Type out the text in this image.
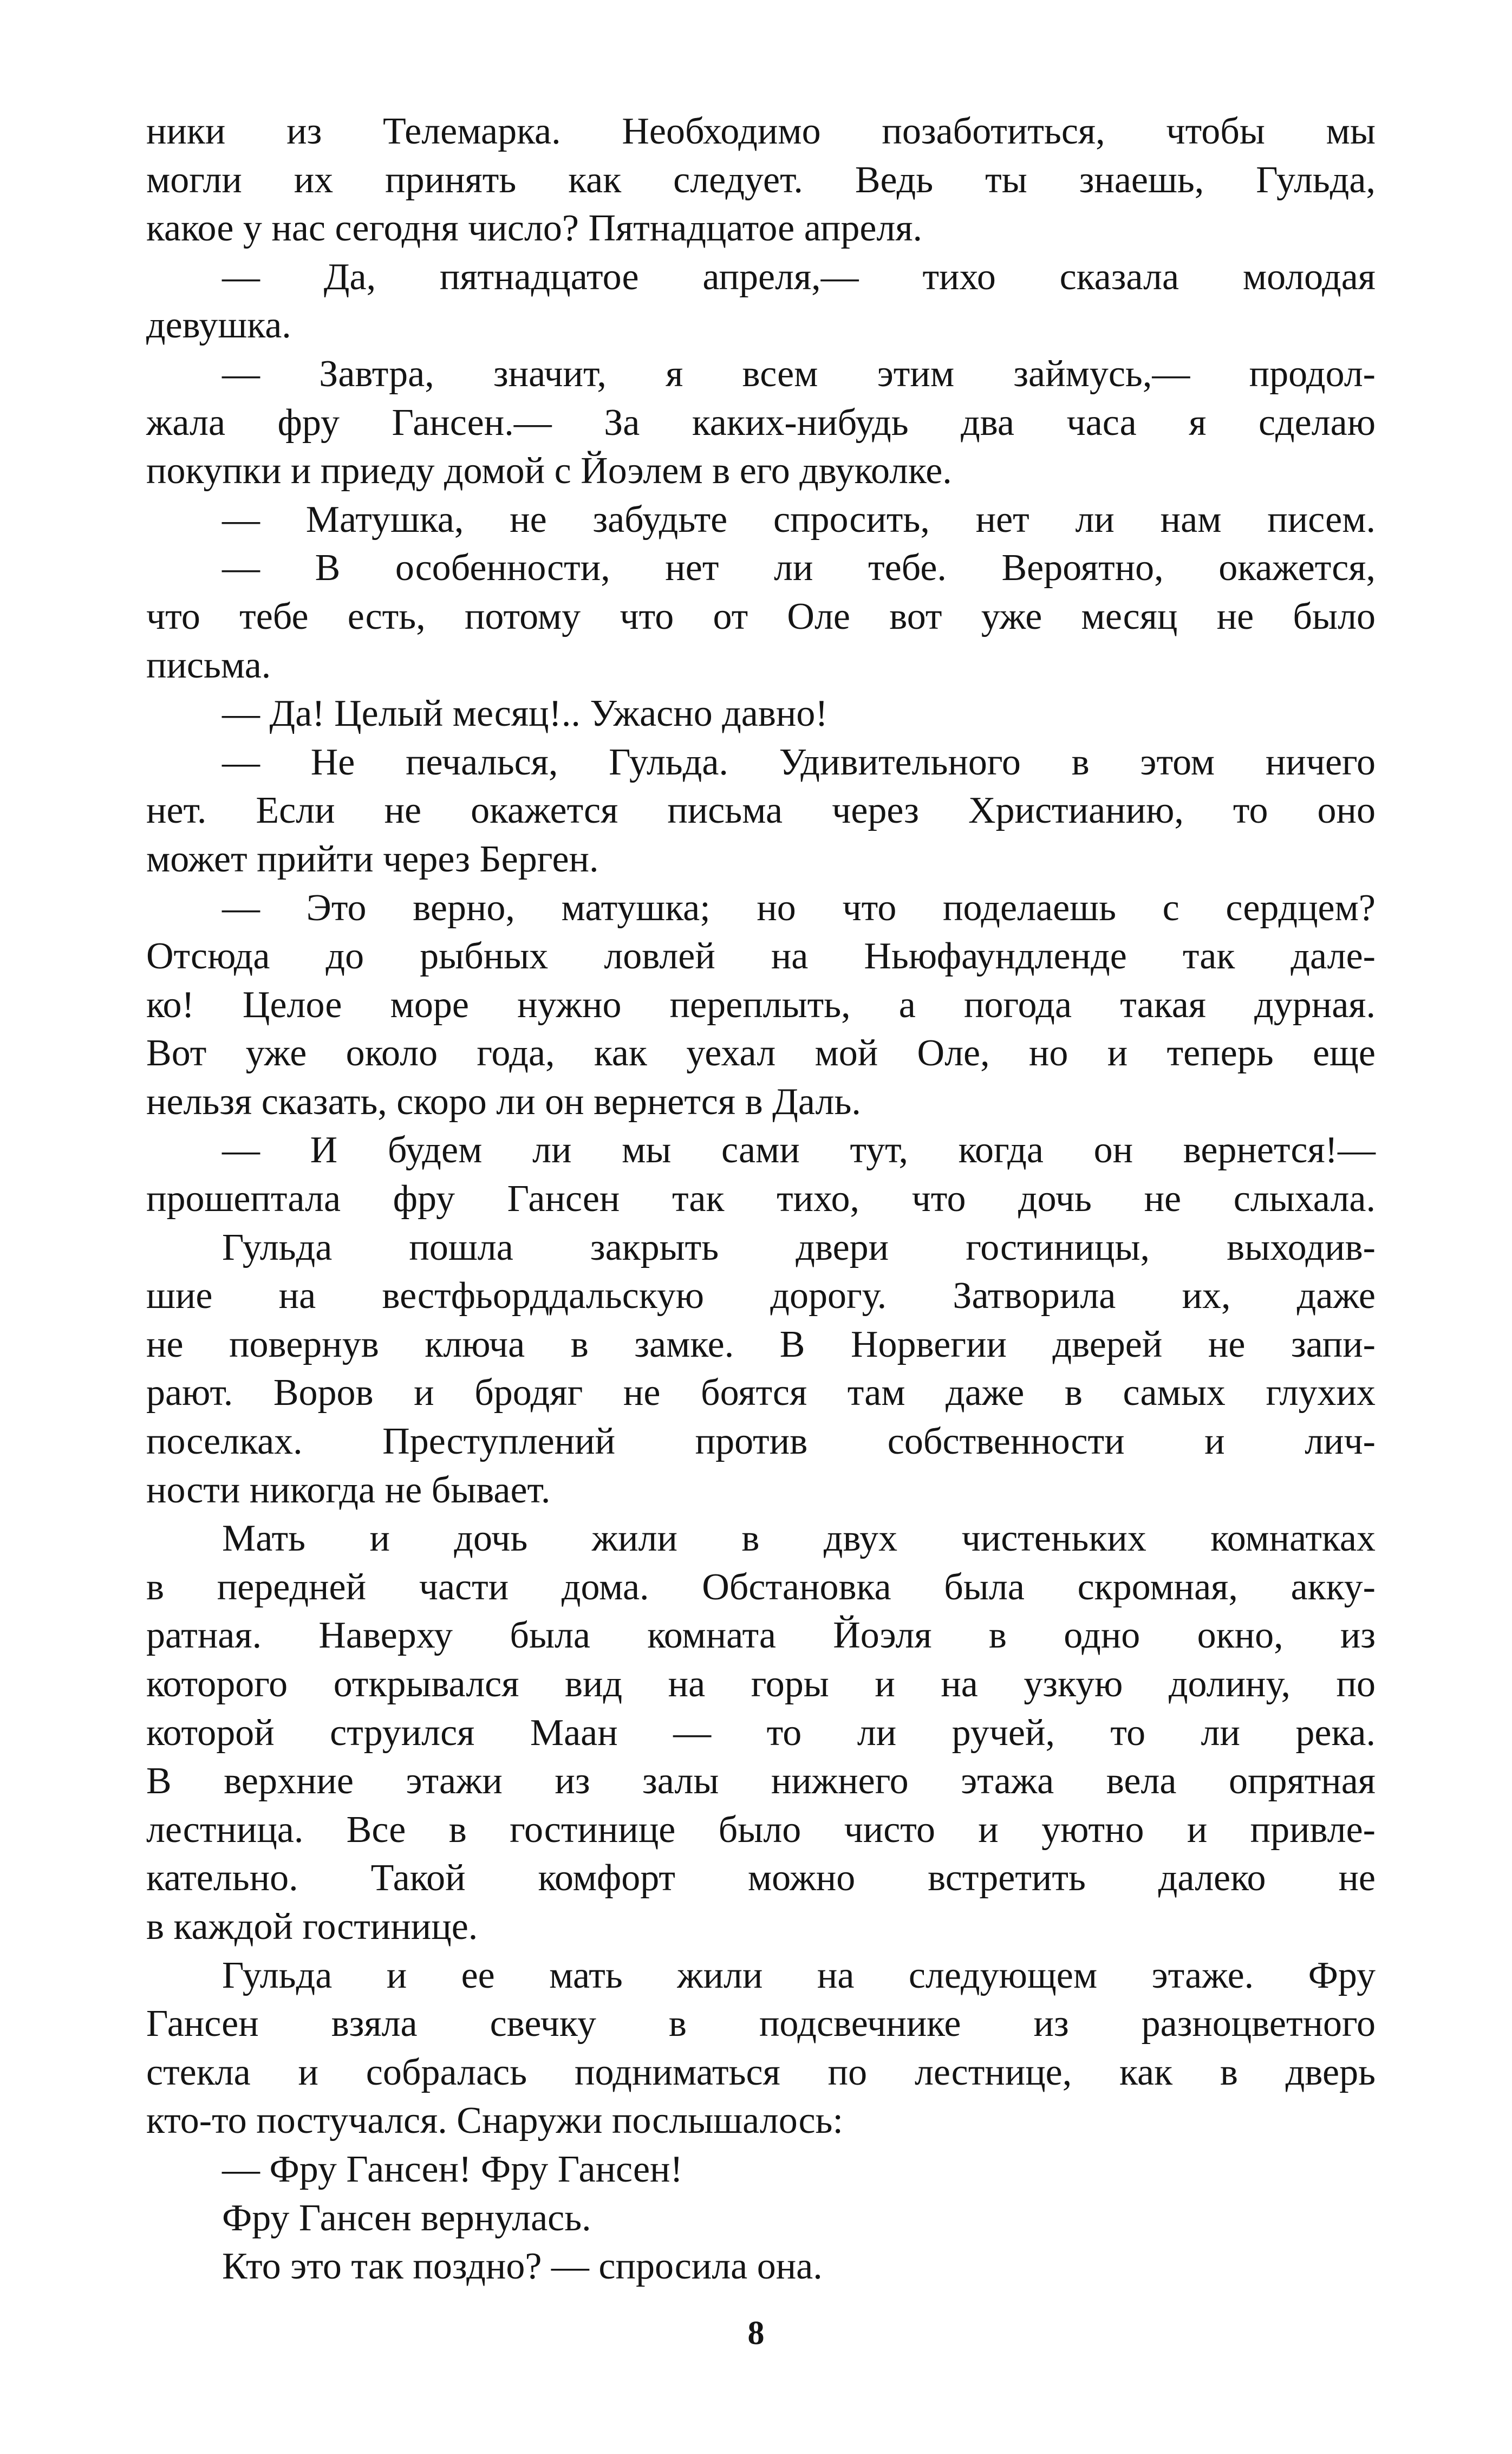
ники из Телемарка. Необходимо позаботиться, чтобы мы
могли их принять как следует. Ведь ты знаешь, Гульда,
какое у нас сегодня число? Пятнадцатое апреля.
— Да, пятнадцатое апреля,— тихо сказала молодая
девушка.
— Завтра, значит, я всем этим займусь,— продол-
жала фру Гансен.— За каких-нибудь два часа я сделаю
покупки и приеду домой с Йоэлем в его двуколке.
— Матушка, не забудьте спросить, нет ли нам писем.
— В особенности, нет ли тебе. Вероятно, окажется,
что тебе есть, потому что от Оле вот уже месяц не было
письма.
— Да! Целый месяц!.. Ужасно давно!
— Не печалься, Гульда. Удивительного в этом ничего
нет. Если не окажется письма через Христианию, то оно
может прийти через Берген.
— Это верно, матушка; но что поделаешь с сердцем?
Отсюда до рыбных ловлей на Ньюфаундленде так дале-
ко! Целое море нужно переплыть, а погода такая дурная.
Вот уже около года, как уехал мой Оле, но и теперь еще
нельзя сказать, скоро ли он вернется в Даль.
— И будем ли мы сами тут, когда он вернется!—
прошептала фру Гансен так тихо, что дочь не слыхала.
Гульда пошла закрыть двери гостиницы, выходив-
шие на вестфьорддальскую дорогу. Затворила их, даже
не повернув ключа в замке. В Норвегии дверей не запи-
рают. Воров и бродяг не боятся там даже в самых глухих
поселках. Преступлений против собственности и лич-
ности никогда не бывает.
Мать и дочь жили в двух чистеньких комнатках
в передней части дома. Обстановка была скромная, акку-
ратная. Наверху была комната Йоэля в одно окно, из
которого открывался вид на горы и на узкую долину, по
которой струился Маан — то ли ручей, то ли река.
В верхние этажи из залы нижнего этажа вела опрятная
лестница. Все в гостинице было чисто и уютно и привле-
кательно. Такой комфорт можно встретить далеко не
в каждой гостинице.
Гульда и ее мать жили на следующем этаже. Фру
Гансен взяла свечку в подсвечнике из разноцветного
стекла и собралась подниматься по лестнице, как в дверь
кто-то постучался. Снаружи послышалось:
— Фру Гансен! Фру Гансен!
Фру Гансен вернулась.
Кто это так поздно? — спросила она.
8
